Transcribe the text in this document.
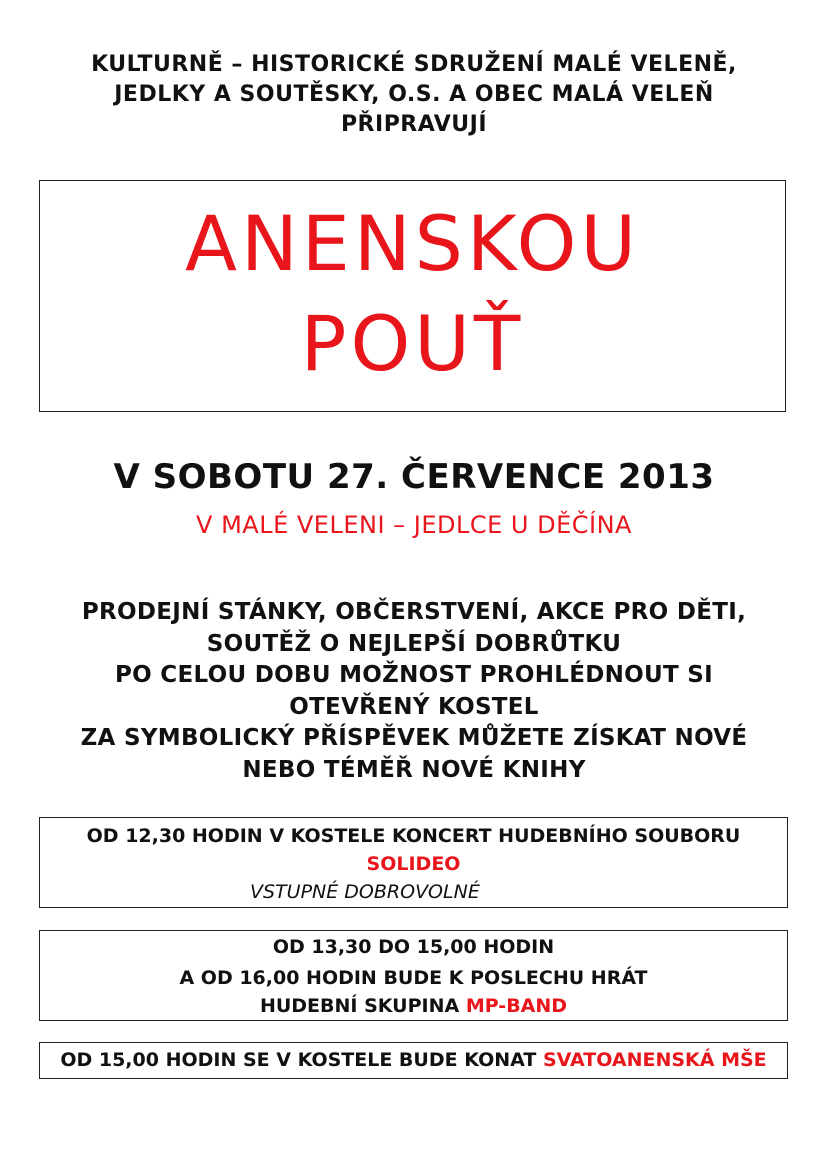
KULTURNĚ – HISTORICKÉ SDRUŽENÍ MALÉ VELENĚ,
JEDLKY A SOUTĚSKY, O.S. A OBEC MALÁ VELEŇ
PŘIPRAVUJÍ
ANENSKOU
POUŤ
V SOBOTU 27. ČERVENCE 2013
V MALÉ VELENI – JEDLCE U DĚČÍNA
PRODEJNÍ STÁNKY, OBČERSTVENÍ, AKCE PRO DĚTI,
SOUTĚŽ O NEJLEPŠÍ DOBRŮTKU
PO CELOU DOBU MOŽNOST PROHLÉDNOUT SI
OTEVŘENÝ KOSTEL
ZA SYMBOLICKÝ PŘÍSPĚVEK MŮŽETE ZÍSKAT NOVÉ
NEBO TÉMĚŘ NOVÉ KNIHY
OD 12,30 HODIN V KOSTELE KONCERT HUDEBNÍHO SOUBORU
SOLIDEO
VSTUPNÉ DOBROVOLNÉ
OD 13,30 DO 15,00 HODIN
A OD 16,00 HODIN BUDE K POSLECHU HRÁT
HUDEBNÍ SKUPINA MP-BAND
OD 15,00 HODIN SE V KOSTELE BUDE KONAT SVATOANENSKÁ MŠE
